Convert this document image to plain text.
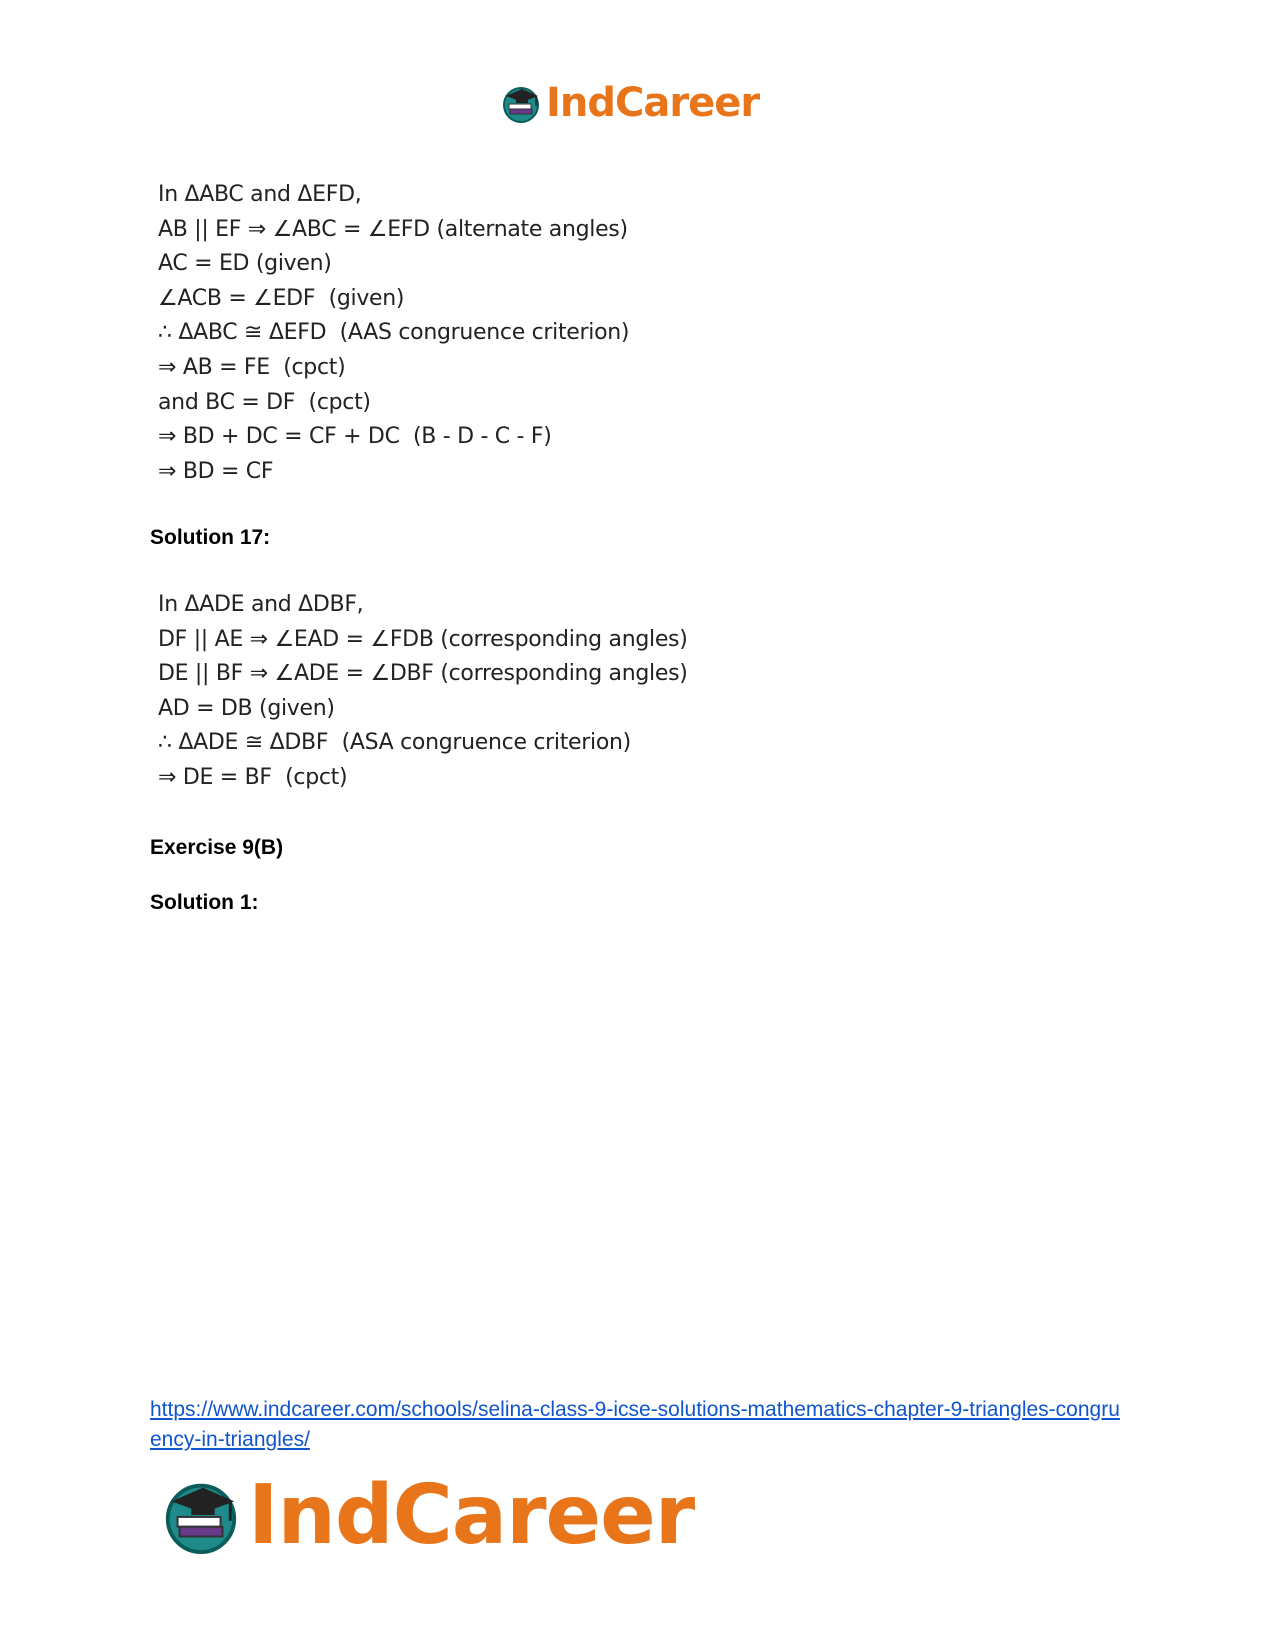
IndCareer
In ΔABC and ΔEFD,
AB || EF ⇒ ∠ABC = ∠EFD (alternate angles)
AC = ED (given)
∠ACB = ∠EDF  (given)
∴ ΔABC ≅ ΔEFD  (AAS congruence criterion)
⇒ AB = FE  (cpct)
and BC = DF  (cpct)
⇒ BD + DC = CF + DC  (B - D - C - F)
⇒ BD = CF
Solution 17:
In ΔADE and ΔDBF,
DF || AE ⇒ ∠EAD = ∠FDB (corresponding angles)
DE || BF ⇒ ∠ADE = ∠DBF (corresponding angles)
AD = DB (given)
∴ ΔADE ≅ ΔDBF  (ASA congruence criterion)
⇒ DE = BF  (cpct)
Exercise 9(B)
Solution 1:
https://www.indcareer.com/schools/selina-class-9-icse-solutions-mathematics-chapter-9-triangles-congruency-in-triangles/
IndCareer
